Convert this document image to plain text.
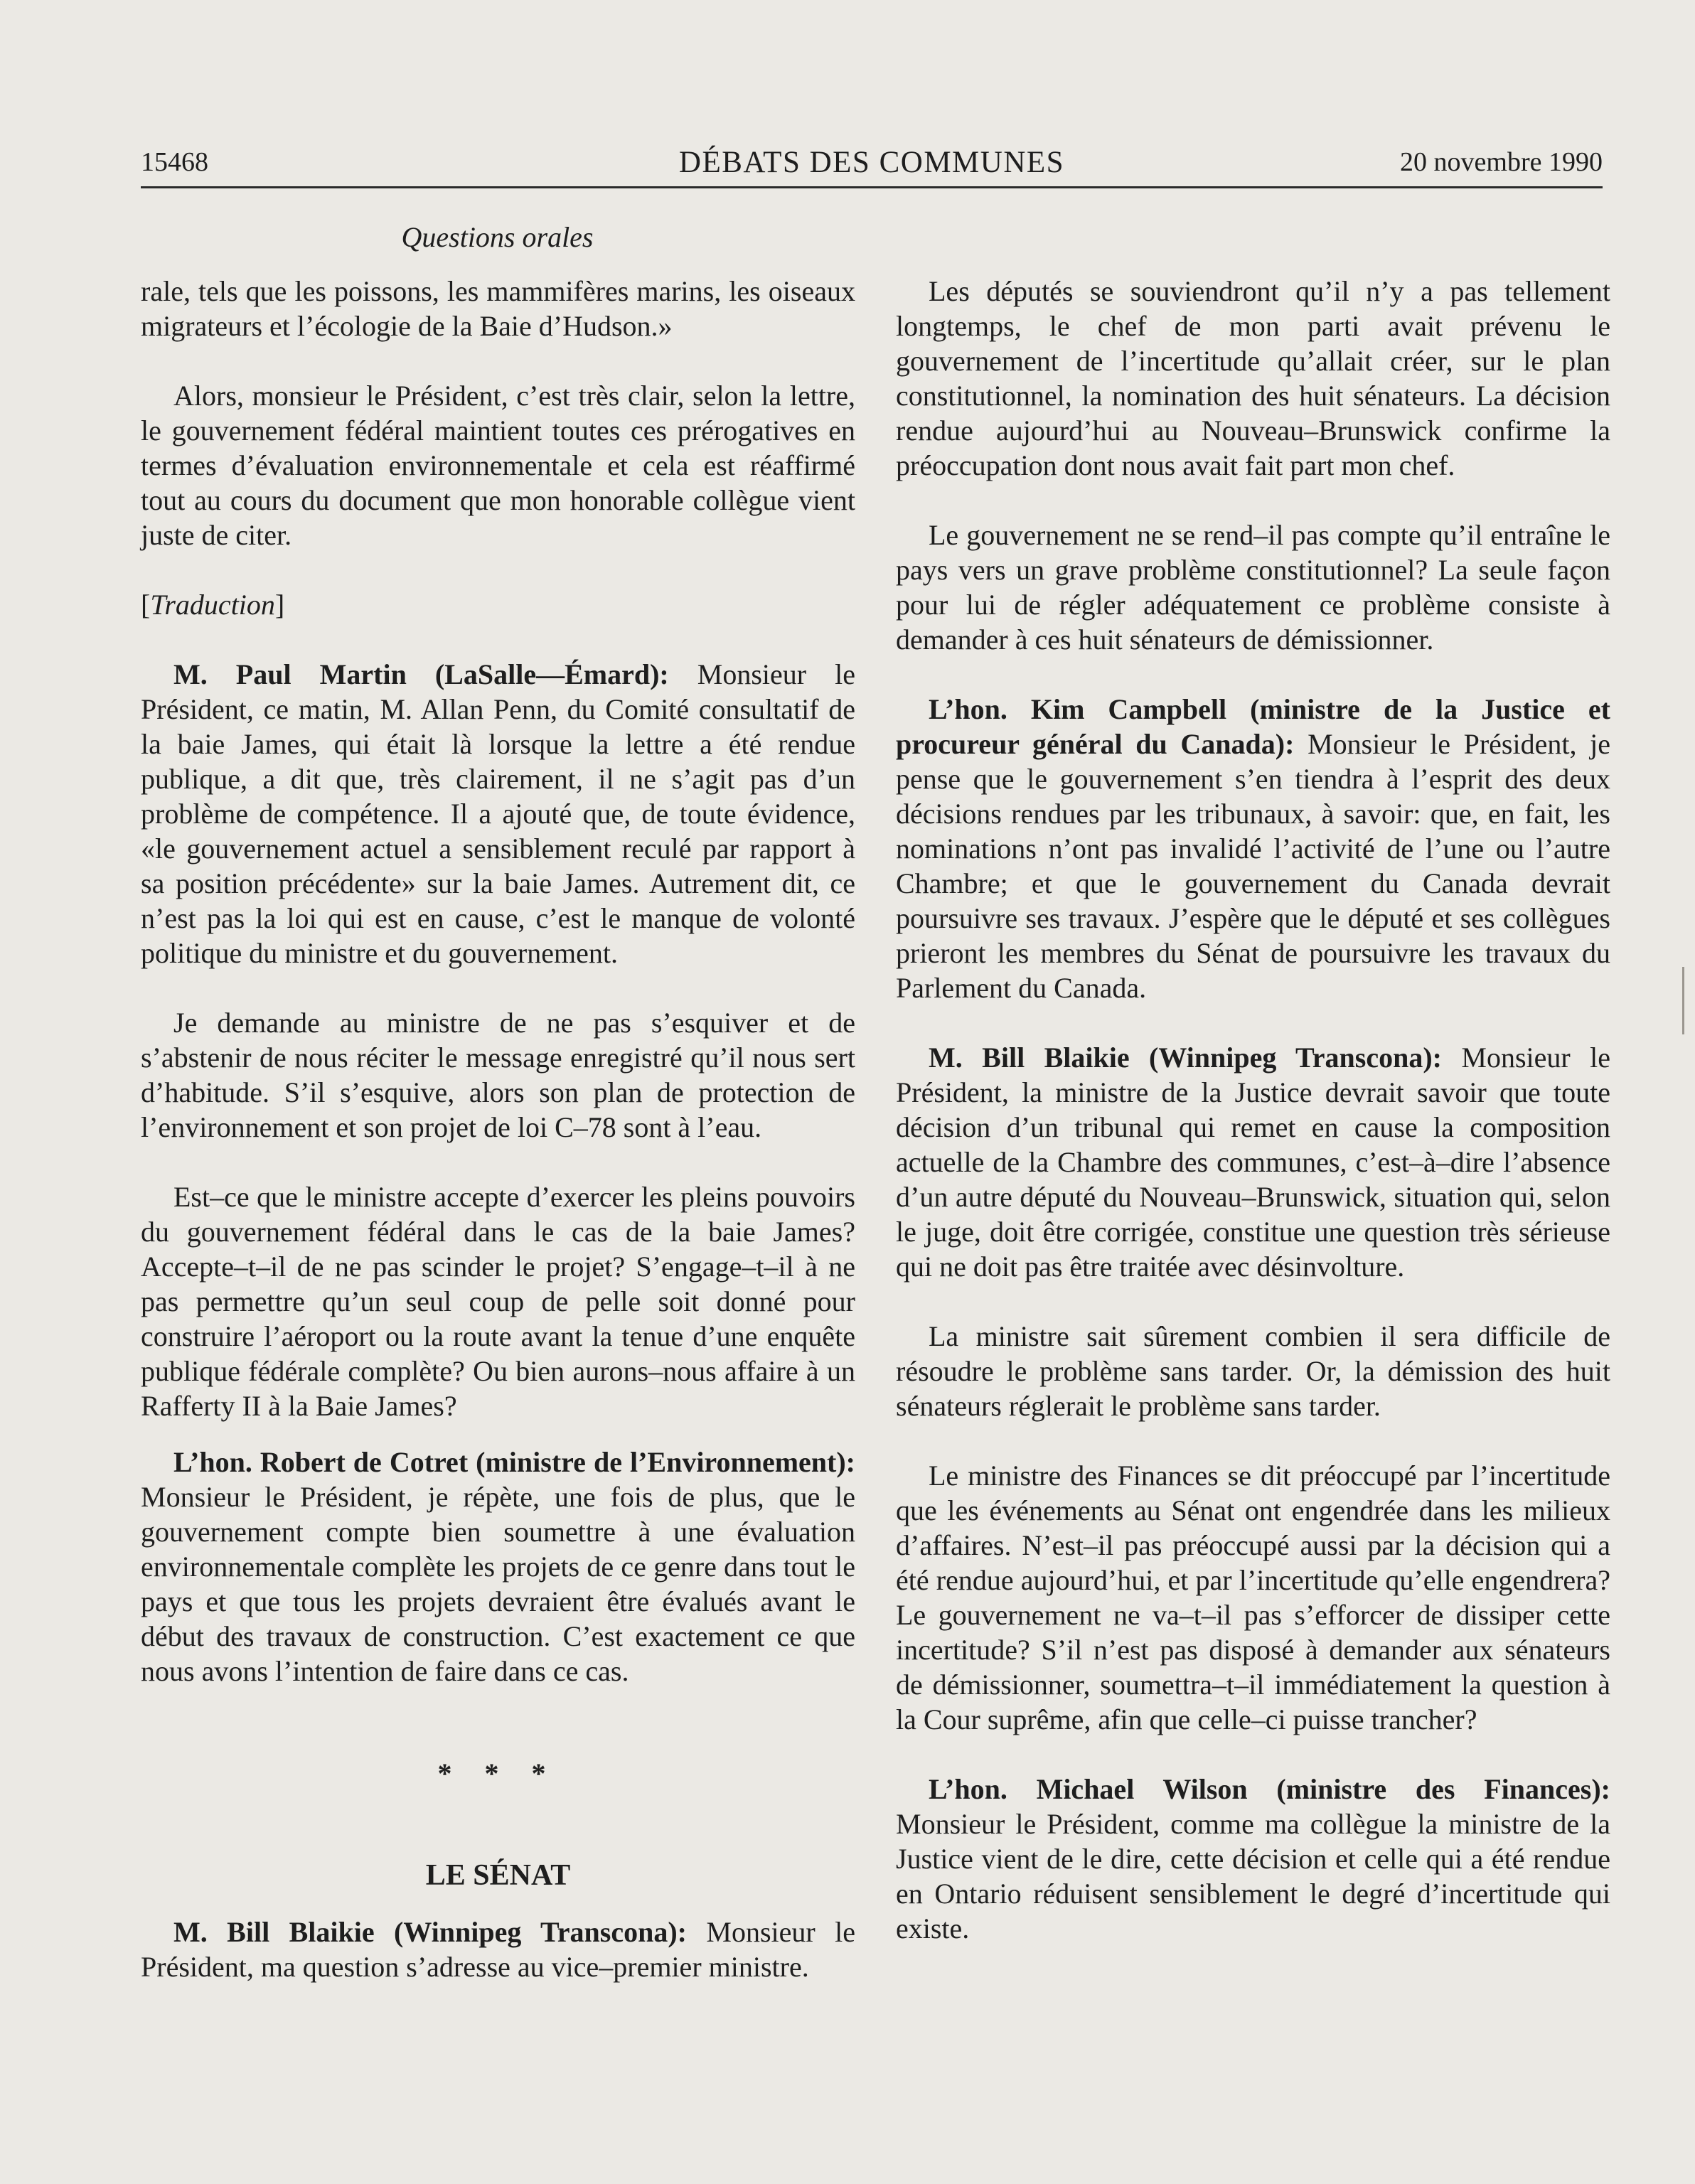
15468	DÉBATS DES COMMUNES	20 novembre 1990
Questions orales

rale, tels que les poissons, les mammifères marins, les oiseaux migrateurs et l’écologie de la Baie d’Hudson.»

Alors, monsieur le Président, c’est très clair, selon la lettre, le gouvernement fédéral maintient toutes ces prérogatives en termes d’évaluation environnementale et cela est réaffirmé tout au cours du document que mon honorable collègue vient juste de citer.

[Traduction]

M. Paul Martin (LaSalle—Émard): Monsieur le Président, ce matin, M. Allan Penn, du Comité consultatif de la baie James, qui était là lorsque la lettre a été rendue publique, a dit que, très clairement, il ne s’agit pas d’un problème de compétence. Il a ajouté que, de toute évidence, «le gouvernement actuel a sensiblement reculé par rapport à sa position précédente» sur la baie James. Autrement dit, ce n’est pas la loi qui est en cause, c’est le manque de volonté politique du ministre et du gouvernement.

Je demande au ministre de ne pas s’esquiver et de s’abstenir de nous réciter le message enregistré qu’il nous sert d’habitude. S’il s’esquive, alors son plan de protection de l’environnement et son projet de loi C–78 sont à l’eau.

Est–ce que le ministre accepte d’exercer les pleins pouvoirs du gouvernement fédéral dans le cas de la baie James? Accepte–t–il de ne pas scinder le projet? S’engage–t–il à ne pas permettre qu’un seul coup de pelle soit donné pour construire l’aéroport ou la route avant la tenue d’une enquête publique fédérale complète? Ou bien aurons–nous affaire à un Rafferty II à la Baie James?

L’hon. Robert de Cotret (ministre de l’Environnement): Monsieur le Président, je répète, une fois de plus, que le gouvernement compte bien soumettre à une évaluation environnementale complète les projets de ce genre dans tout le pays et que tous les projets devraient être évalués avant le début des travaux de construction. C’est exactement ce que nous avons l’intention de faire dans ce cas.

* * *

LE SÉNAT

M. Bill Blaikie (Winnipeg Transcona): Monsieur le Président, ma question s’adresse au vice–premier ministre.

Les députés se souviendront qu’il n’y a pas tellement longtemps, le chef de mon parti avait prévenu le gouvernement de l’incertitude qu’allait créer, sur le plan constitutionnel, la nomination des huit sénateurs. La décision rendue aujourd’hui au Nouveau–Brunswick confirme la préoccupation dont nous avait fait part mon chef.

Le gouvernement ne se rend–il pas compte qu’il entraîne le pays vers un grave problème constitutionnel? La seule façon pour lui de régler adéquatement ce problème consiste à demander à ces huit sénateurs de démissionner.

L’hon. Kim Campbell (ministre de la Justice et procureur général du Canada): Monsieur le Président, je pense que le gouvernement s’en tiendra à l’esprit des deux décisions rendues par les tribunaux, à savoir: que, en fait, les nominations n’ont pas invalidé l’activité de l’une ou l’autre Chambre; et que le gouvernement du Canada devrait poursuivre ses travaux. J’espère que le député et ses collègues prieront les membres du Sénat de poursuivre les travaux du Parlement du Canada.

M. Bill Blaikie (Winnipeg Transcona): Monsieur le Président, la ministre de la Justice devrait savoir que toute décision d’un tribunal qui remet en cause la composition actuelle de la Chambre des communes, c’est–à–dire l’absence d’un autre député du Nouveau–Brunswick, situation qui, selon le juge, doit être corrigée, constitue une question très sérieuse qui ne doit pas être traitée avec désinvolture.

La ministre sait sûrement combien il sera difficile de résoudre le problème sans tarder. Or, la démission des huit sénateurs réglerait le problème sans tarder.

Le ministre des Finances se dit préoccupé par l’incertitude que les événements au Sénat ont engendrée dans les milieux d’affaires. N’est–il pas préoccupé aussi par la décision qui a été rendue aujourd’hui, et par l’incertitude qu’elle engendrera? Le gouvernement ne va–t–il pas s’efforcer de dissiper cette incertitude? S’il n’est pas disposé à demander aux sénateurs de démissionner, soumettra–t–il immédiatement la question à la Cour suprême, afin que celle–ci puisse trancher?

L’hon. Michael Wilson (ministre des Finances): Monsieur le Président, comme ma collègue la ministre de la Justice vient de le dire, cette décision et celle qui a été rendue en Ontario réduisent sensiblement le degré d’incertitude qui existe.
